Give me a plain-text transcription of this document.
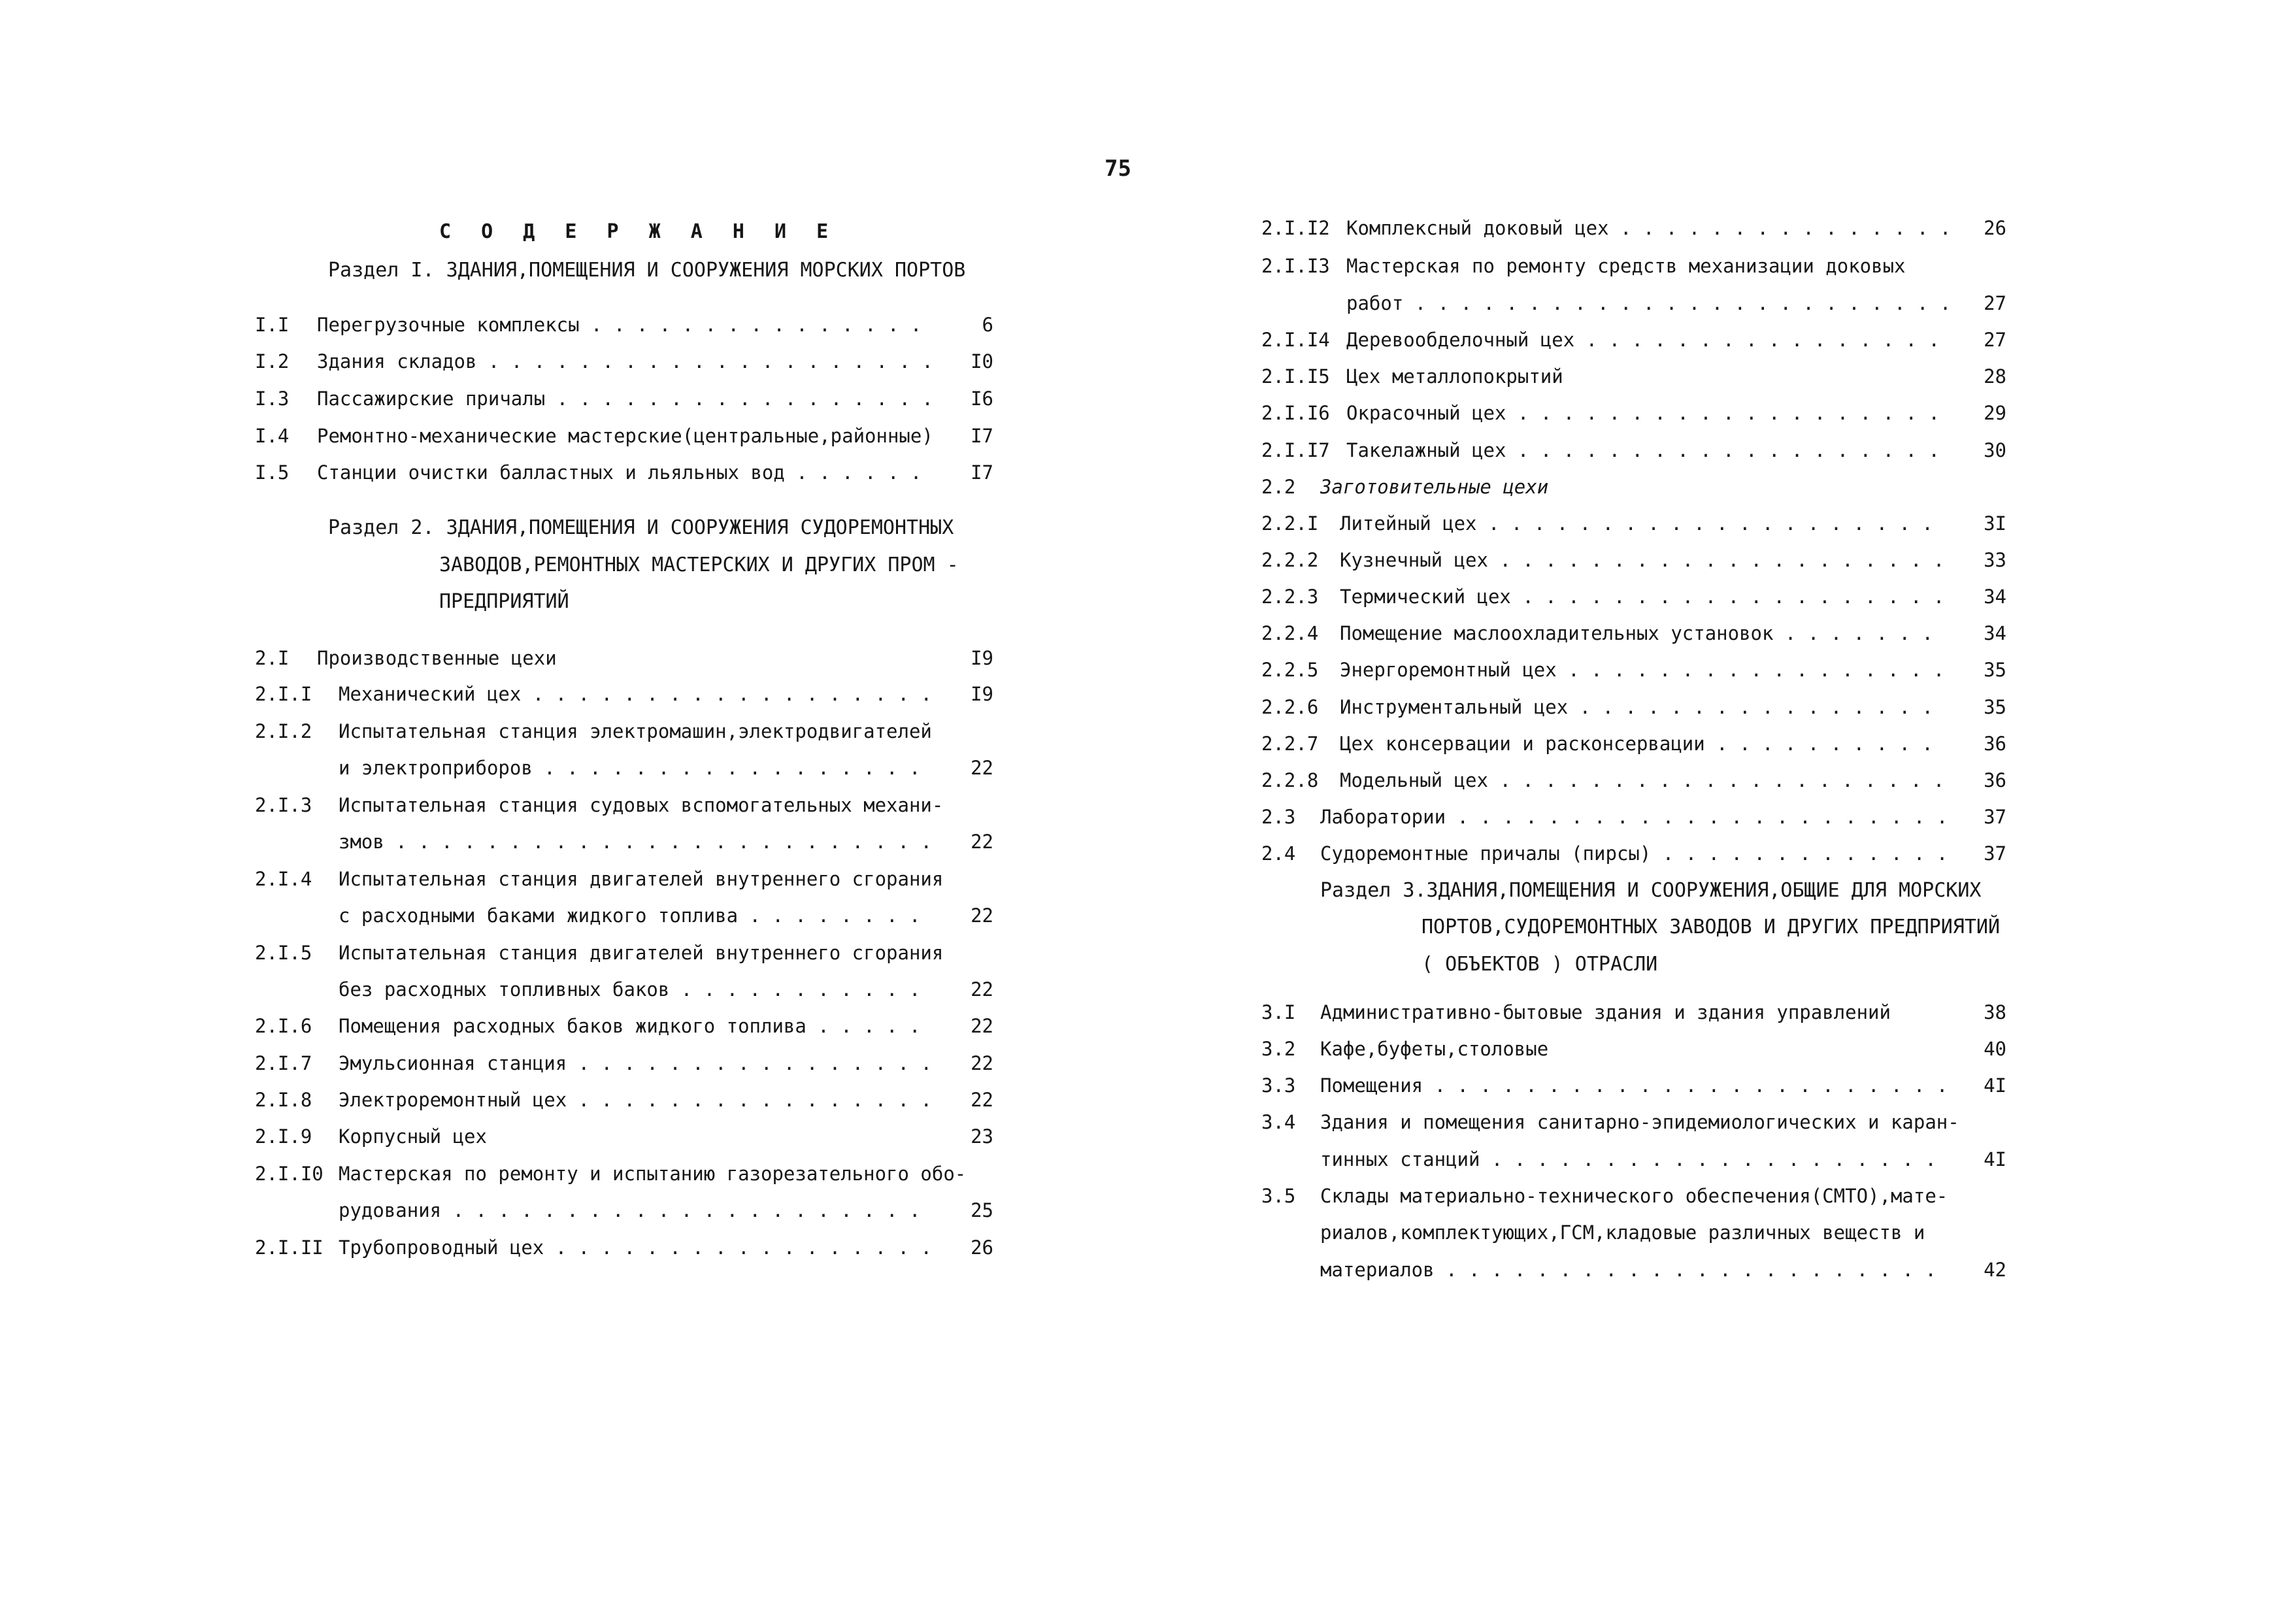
75
С О Д Е Р Ж А Н И Е
Раздел I. ЗДАНИЯ,ПОМЕЩЕНИЯ И СООРУЖЕНИЯ МОРСКИХ ПОРТОВ
I.I Перегрузочные комплексы . . .	6
I.2 Здания складов . . .	I0
I.3 Пассажирские причалы . . .	I6
I.4 Ремонтно-механические мастерские(центральные,районные)	I7
I.5 Станции очистки балластных и льяльных вод . . .	I7
Раздел 2. ЗДАНИЯ,ПОМЕЩЕНИЯ И СООРУЖЕНИЯ СУДОРЕМОНТНЫХ
ЗАВОДОВ,РЕМОНТНЫХ МАСТЕРСКИХ И ДРУГИХ ПРОМ -
ПРЕДПРИЯТИЙ
2.I Производственные цехи	I9
2.I.I Механический цех . . .	I9
2.I.2 Испытательная станция электромашин,электродвигателей
и электроприборов . . .	22
2.I.3 Испытательная станция судовых вспомогательных механи-
змов . . .	22
2.I.4 Испытательная станция двигателей внутреннего сгорания
с расходными баками жидкого топлива . . .	22
2.I.5 Испытательная станция двигателей внутреннего сгорания
без расходных топливных баков . . .	22
2.I.6 Помещения расходных баков жидкого топлива . . .	22
2.I.7 Эмульсионная станция . . .	22
2.I.8 Электроремонтный цех . . .	22
2.I.9 Корпусный цех	23
2.I.I0 Мастерская по ремонту и испытанию газорезательного обо-
рудования . . .	25
2.I.II Трубопроводный цех . . .	26
2.I.I2 Комплексный доковый цех . . .	26
2.I.I3 Мастерская по ремонту средств механизации доковых
работ . . .	27
2.I.I4 Деревообделочный цех . . .	27
2.I.I5 Цех металлопокрытий	28
2.I.I6 Окрасочный цех . . .	29
2.I.I7 Такелажный цех . . .	30
2.2 Заготовительные цехи
2.2.I Литейный цех . . .	3I
2.2.2 Кузнечный цех . . .	33
2.2.3 Термический цех . . .	34
2.2.4 Помещение маслоохладительных установок . . .	34
2.2.5 Энергоремонтный цех . . .	35
2.2.6 Инструментальный цех . . .	35
2.2.7 Цех консервации и расконсервации . . .	36
2.2.8 Модельный цех . . .	36
2.3 Лаборатории . . .	37
2.4 Судоремонтные причалы (пирсы) . . .	37
Раздел 3.ЗДАНИЯ,ПОМЕЩЕНИЯ И СООРУЖЕНИЯ,ОБЩИЕ ДЛЯ МОРСКИХ
ПОРТОВ,СУДОРЕМОНТНЫХ ЗАВОДОВ И ДРУГИХ ПРЕДПРИЯТИЙ
( ОБЪЕКТОВ ) ОТРАСЛИ
3.I Административно-бытовые здания и здания управлений	38
3.2 Кафе,буфеты,столовые	40
3.3 Помещения . . .	4I
3.4 Здания и помещения санитарно-эпидемиологических и каран-
тинных станций . . .	4I
3.5 Склады материально-технического обеспечения(СМТО),мате-
риалов,комплектующих,ГСМ,кладовые различных веществ и
материалов . . .	42
